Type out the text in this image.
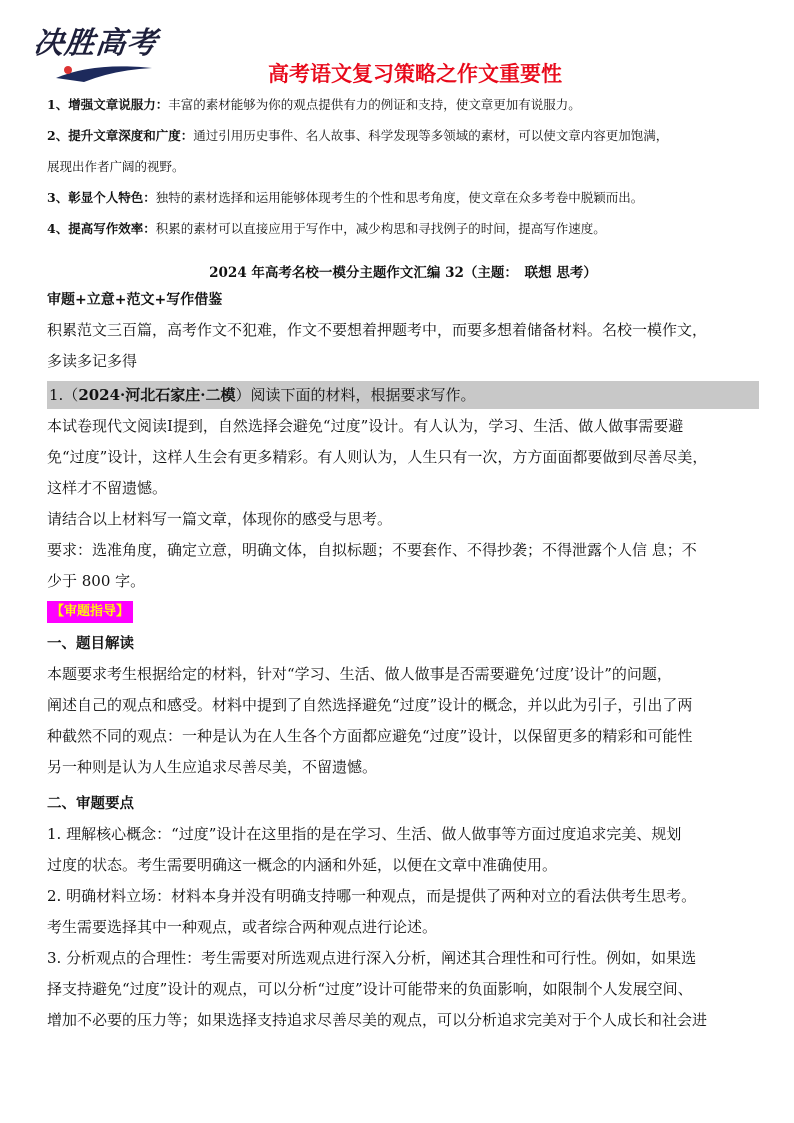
决胜高考
高考语文复习策略之作文重要性

1、增强文章说服力：丰富的素材能够为你的观点提供有力的例证和支持，使文章更加有说服力。

2、提升文章深度和广度：通过引用历史事件、名人故事、科学发现等多领域的素材，可以使文章内容更加饱满，
展现出作者广阔的视野。

3、彰显个人特色：独特的素材选择和运用能够体现考生的个性和思考角度，使文章在众多考卷中脱颖而出。

4、提高写作效率：积累的素材可以直接应用于写作中，减少构思和寻找例子的时间，提高写作速度。

2024 年高考名校一模分主题作文汇编 32（主题：　联想 思考）
审题+立意+范文+写作借鉴

积累范文三百篇，高考作文不犯难，作文不要想着押题考中，而要多想着储备材料。名校一模作文，

多读多记多得

1.（2024·河北石家庄·二模）阅读下面的材料，根据要求写作。

本试卷现代文阅读Ⅰ提到，自然选择会避免“过度”设计。有人认为，学习、生活、做人做事需要避

免“过度”设计，这样人生会有更多精彩。有人则认为，人生只有一次，方方面面都要做到尽善尽美，

这样才不留遗憾。

请结合以上材料写一篇文章，体现你的感受与思考。

要求：选准角度，确定立意，明确文体，自拟标题；不要套作、不得抄袭；不得泄露个人信 息；不

少于 800 字。

【审题指导】

一、题目解读

本题要求考生根据给定的材料，针对“学习、生活、做人做事是否需要避免‘过度’设计”的问题，

阐述自己的观点和感受。材料中提到了自然选择避免“过度”设计的概念，并以此为引子，引出了两

种截然不同的观点：一种是认为在人生各个方面都应避免“过度”设计，以保留更多的精彩和可能性

另一种则是认为人生应追求尽善尽美，不留遗憾。

二、审题要点

1. 理解核心概念：“过度”设计在这里指的是在学习、生活、做人做事等方面过度追求完美、规划

过度的状态。考生需要明确这一概念的内涵和外延，以便在文章中准确使用。

2. 明确材料立场：材料本身并没有明确支持哪一种观点，而是提供了两种对立的看法供考生思考。

考生需要选择其中一种观点，或者综合两种观点进行论述。

3. 分析观点的合理性：考生需要对所选观点进行深入分析，阐述其合理性和可行性。例如，如果选

择支持避免“过度”设计的观点，可以分析“过度”设计可能带来的负面影响，如限制个人发展空间、

增加不必要的压力等；如果选择支持追求尽善尽美的观点，可以分析追求完美对于个人成长和社会进
